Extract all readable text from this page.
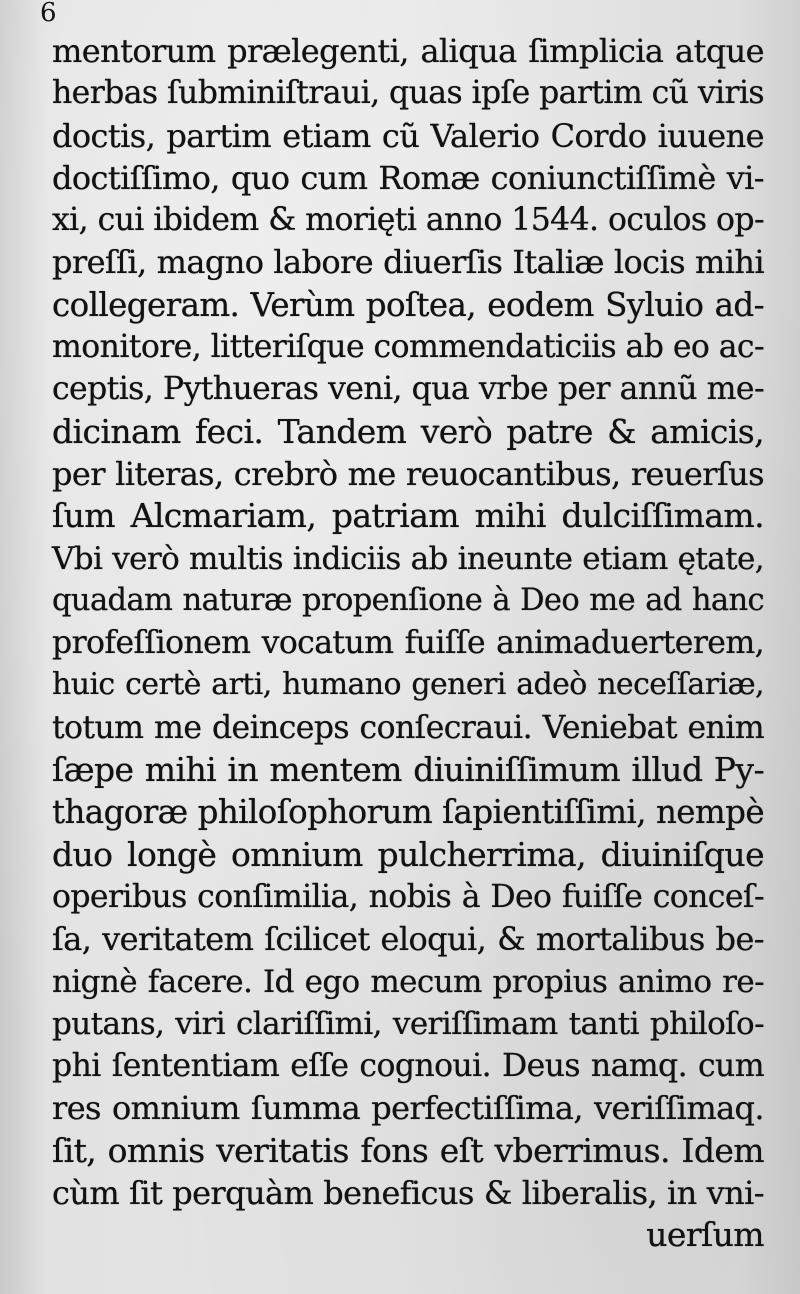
6
mentorum prælegenti, aliqua ſimplicia atque
herbas ſubminiſtraui, quas ipſe partim cũ viris
doctis, partim etiam cũ Valerio Cordo iuuene
doctiſſimo, quo cum Romæ coniunctiſſimè vi-
xi, cui ibidem & morięti anno 1544. oculos op-
preſſi, magno labore diuerſis Italiæ locis mihi
collegeram. Verùm poſtea, eodem Syluio ad-
monitore, litteriſque commendaticiis ab eo ac-
ceptis, Pythueras veni, qua vrbe per annũ me-
dicinam feci. Tandem verò patre & amicis,
per literas, crebrò me reuocantibus, reuerſus
ſum Alcmariam, patriam mihi dulciſſimam.
Vbi verò multis indiciis ab ineunte etiam ętate,
quadam naturæ propenſione à Deo me ad hanc
profeſſionem vocatum fuiſſe animaduerterem,
huic certè arti, humano generi adeò neceſſariæ,
totum me deinceps conſecraui. Veniebat enim
ſæpe mihi in mentem diuiniſſimum illud Py-
thagoræ philoſophorum ſapientiſſimi, nempè
duo longè omnium pulcherrima, diuiniſque
operibus conſimilia, nobis à Deo fuiſſe conceſ-
ſa, veritatem ſcilicet eloqui, & mortalibus be-
nignè facere. Id ego mecum propius animo re-
putans, viri clariſſimi, veriſſimam tanti philoſo-
phi ſententiam eſſe cognoui. Deus namq. cum
res omnium ſumma perfectiſſima, veriſſimaq.
ſit, omnis veritatis fons eſt vberrimus. Idem
cùm ſit perquàm beneficus & liberalis, in vni-
uerſum
